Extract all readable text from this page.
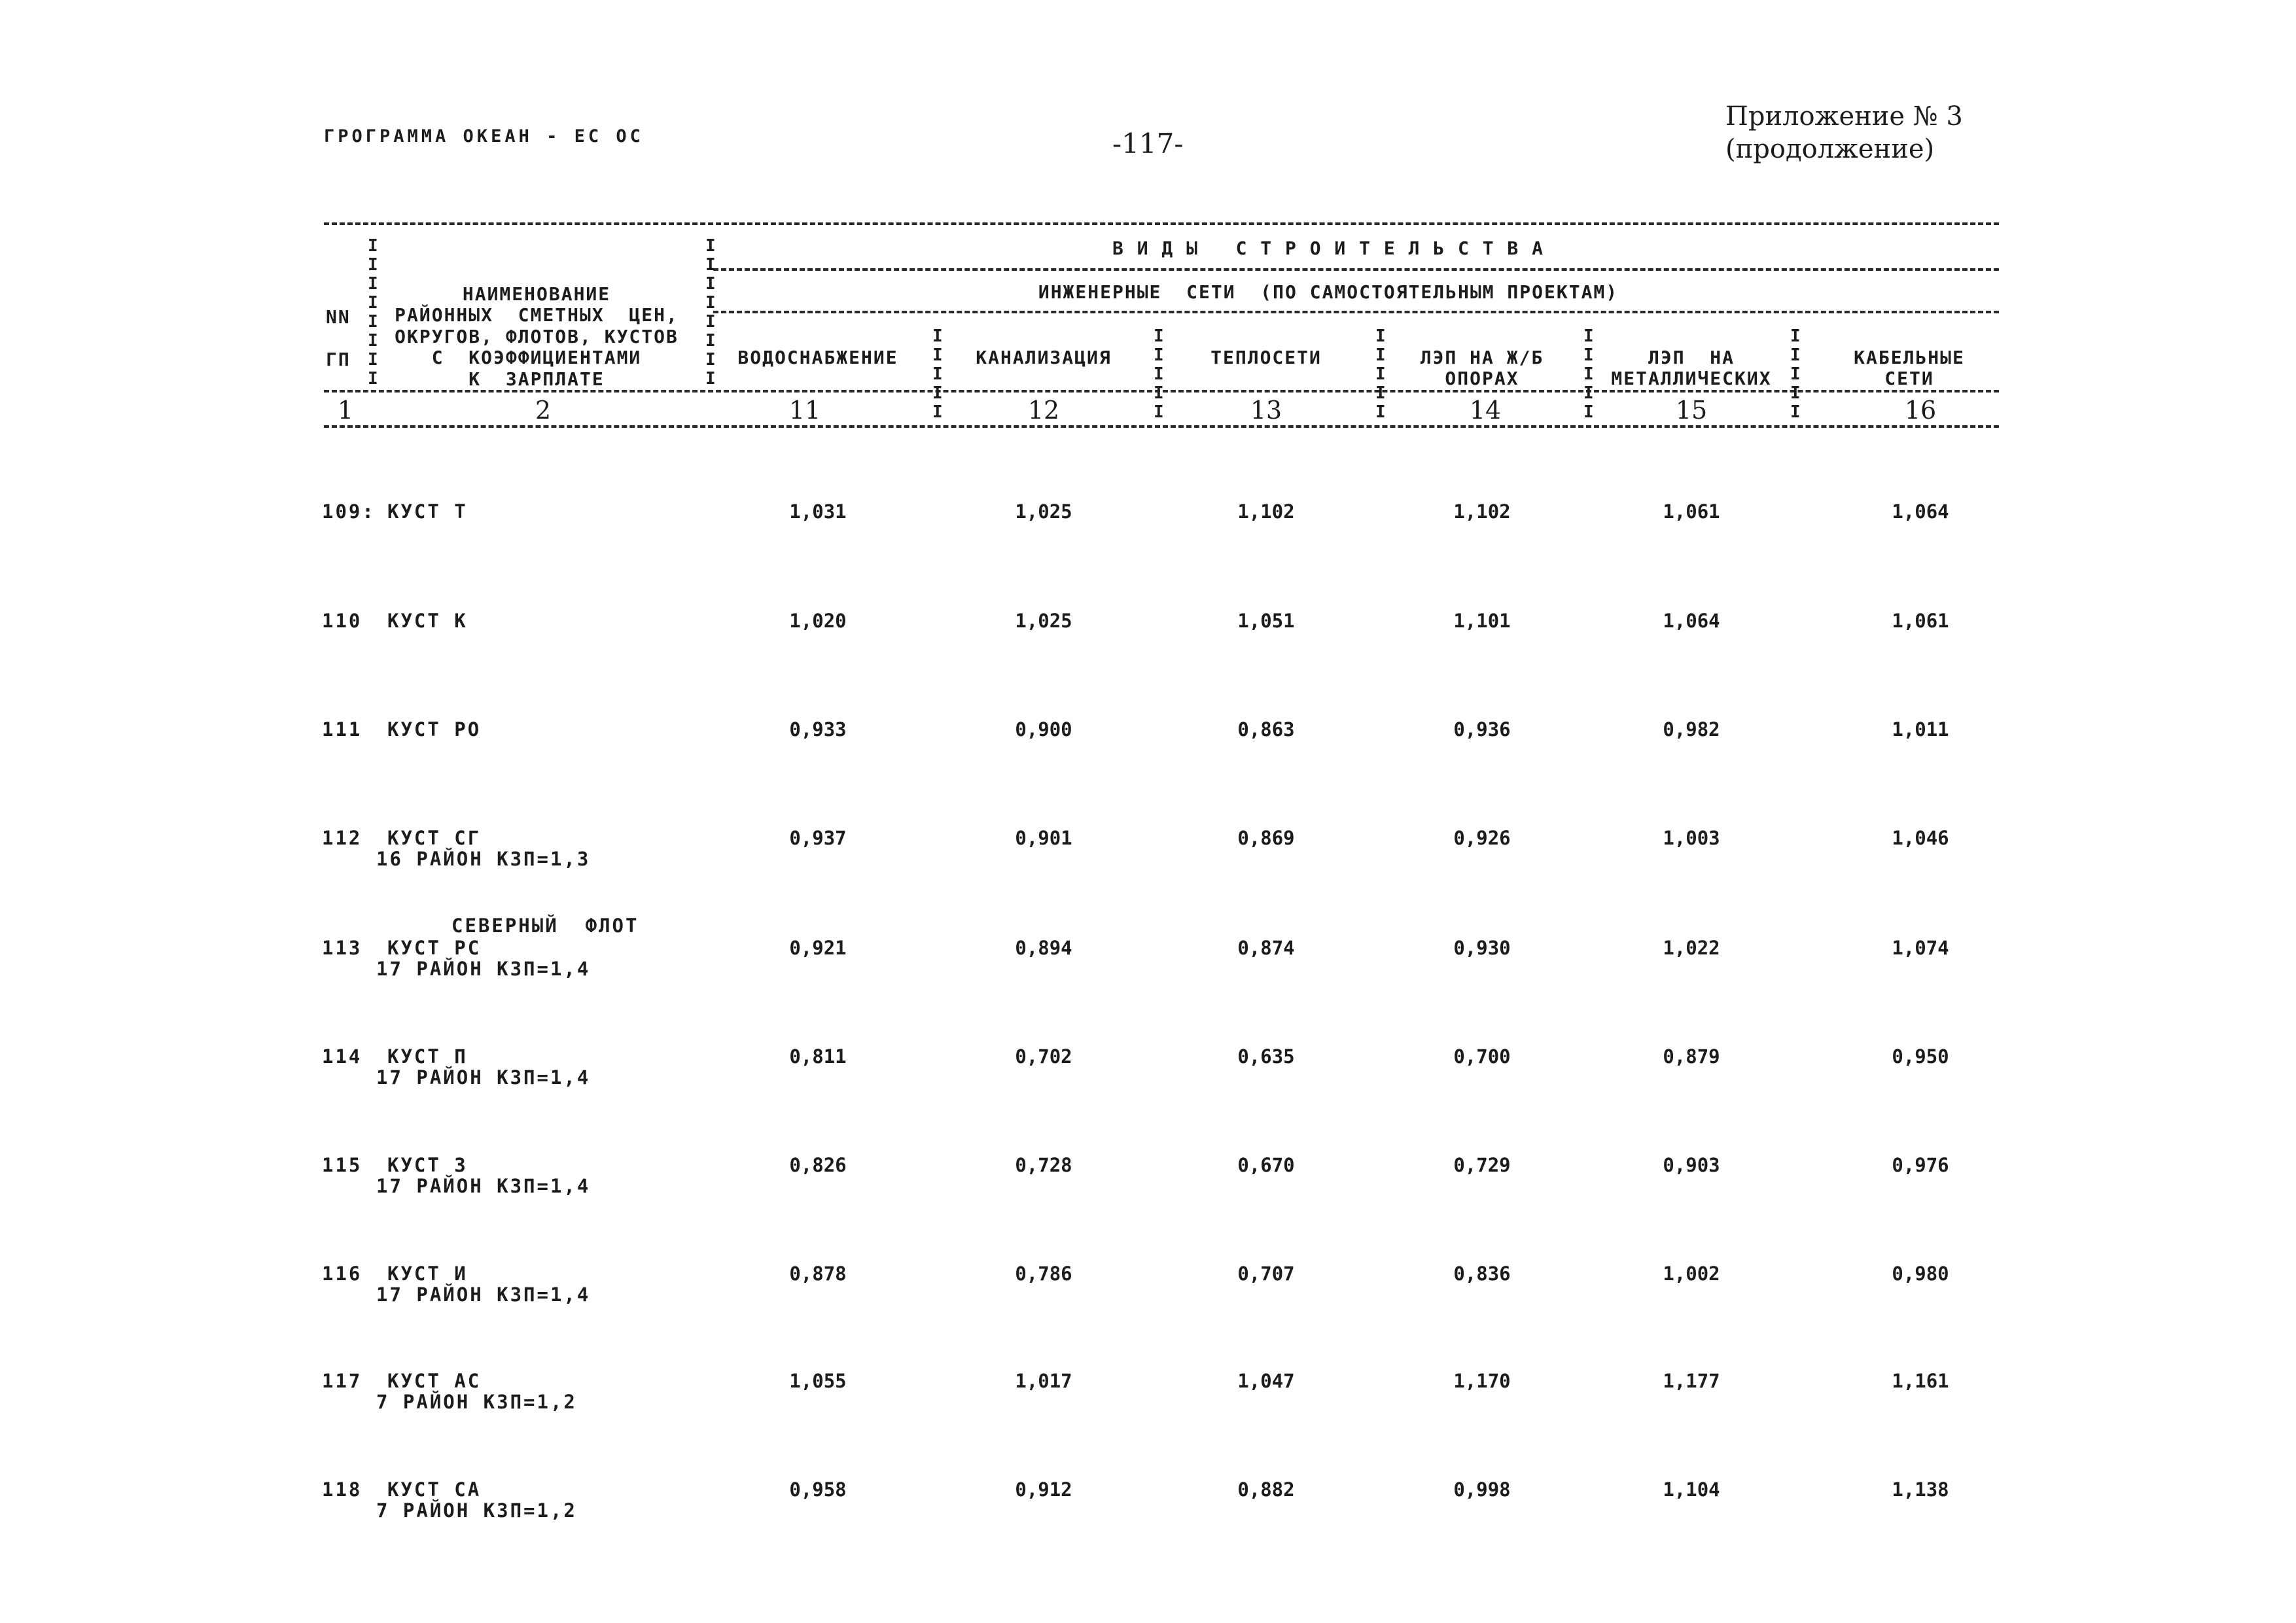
ГРОГРАММА ОКЕАН - ЕС ОС	-117-
Приложение № 3
(продолжение)
I
I
I
I
I
I
I
I
I
I
I
I
I
I
I
I
I
I
I
I
I
I
I
I
I
I
I
I
I
I
I
I
I
I
I
I
I
I
I
I
I
NN
ГП
НАИМЕНОВАНИЕ
РАЙОННЫХ  СМЕТНЫХ  ЦЕН,
ОКРУГОВ, ФЛОТОВ, КУСТОВ
С  КОЭФФИЦИЕНТАМИ
К  ЗАРПЛАТЕ
В И Д Ы   С Т Р О И Т Е Л Ь С Т В А
ИНЖЕНЕРНЫЕ  СЕТИ  (ПО САМОСТОЯТЕЛЬНЫМ ПРОЕКТАМ)
ВОДОСНАБЖЕНИЕ	КАНАЛИЗАЦИЯ	ТЕПЛОСЕТИ	ЛЭП НА Ж/Б
ОПОРАХ
ЛЭП  НА
МЕТАЛЛИЧЕСКИХ
КАБЕЛЬНЫЕ
СЕТИ
1	2	11	12	13	14	15	16
109: КУСТ Т	1,031	1,025	1,102	1,102	1,061	1,064
110 КУСТ К	1,020	1,025	1,051	1,101	1,064	1,061
111 КУСТ РО	0,933	0,900	0,863	0,936	0,982	1,011
112 КУСТ СГ
16 РАЙОН КЗП=1,3
0,937	0,901	0,869	0,926	1,003	1,046
СЕВЕРНЫЙ  ФЛОТ
113 КУСТ РС
17 РАЙОН КЗП=1,4
0,921	0,894	0,874	0,930	1,022	1,074
114 КУСТ П
17 РАЙОН КЗП=1,4
0,811	0,702	0,635	0,700	0,879	0,950
115 КУСТ З
17 РАЙОН КЗП=1,4
0,826	0,728	0,670	0,729	0,903	0,976
116 КУСТ И
17 РАЙОН КЗП=1,4
0,878	0,786	0,707	0,836	1,002	0,980
117 КУСТ АС
7 РАЙОН КЗП=1,2
1,055	1,017	1,047	1,170	1,177	1,161
118 КУСТ СА
7 РАЙОН КЗП=1,2
0,958	0,912	0,882	0,998	1,104	1,138
